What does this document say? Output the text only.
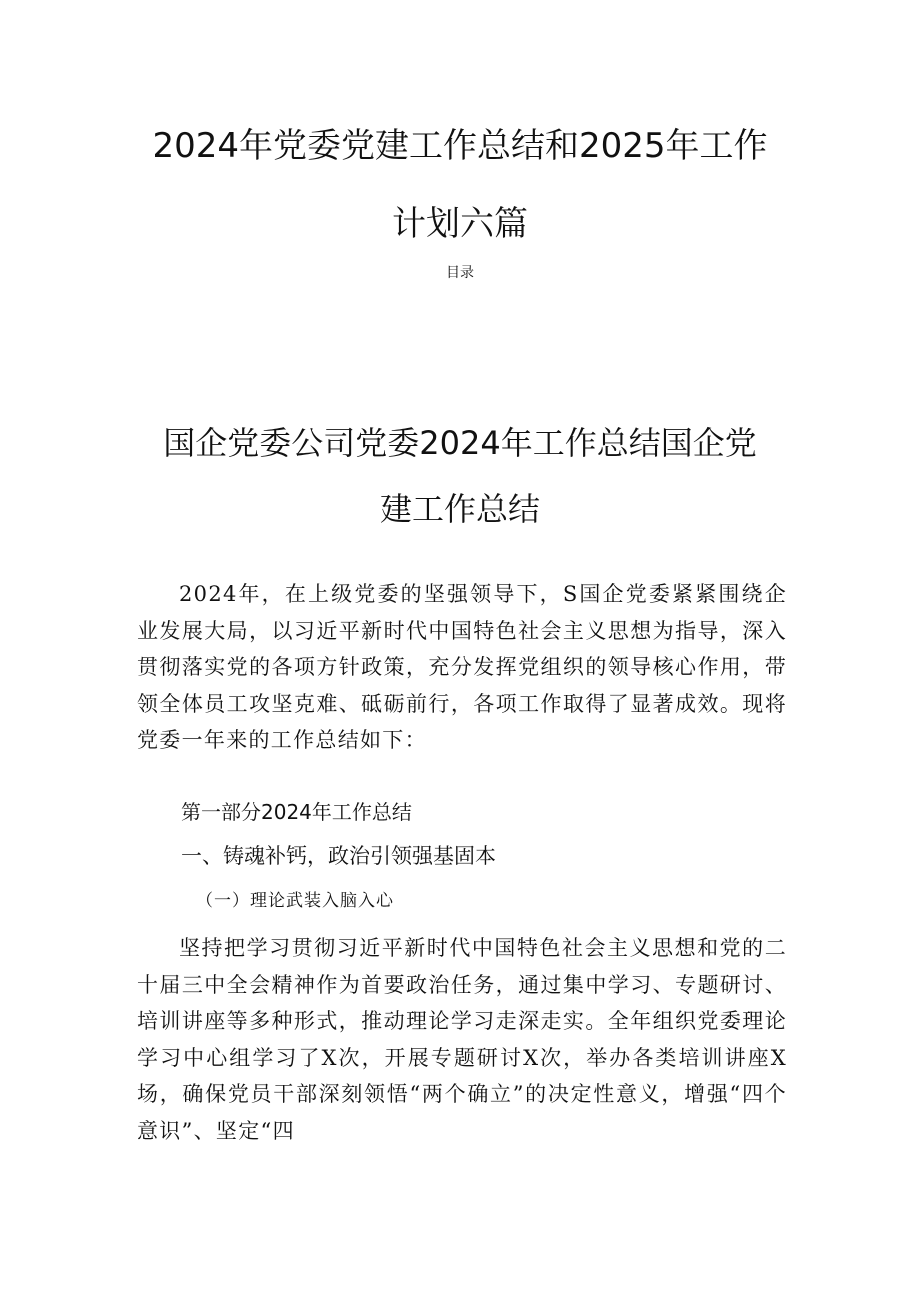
2024年党委党建工作总结和2025年工作
计划六篇
目录
国企党委公司党委2024年工作总结国企党
建工作总结

2024年，在上级党委的坚强领导下，S国企党委紧紧围绕企业发展大局，以习近平新时代中国特色社会主义思想为指导，深入贯彻落实党的各项方针政策，充分发挥党组织的领导核心作用，带领全体员工攻坚克难、砥砺前行，各项工作取得了显著成效。现将党委一年来的工作总结如下：

第一部分2024年工作总结

一、铸魂补钙，政治引领强基固本

（一）理论武装入脑入心

坚持把学习贯彻习近平新时代中国特色社会主义思想和党的二十届三中全会精神作为首要政治任务，通过集中学习、专题研讨、培训讲座等多种形式，推动理论学习走深走实。全年组织党委理论学习中心组学习了X次，开展专题研讨X次，举办各类培训讲座X场，确保党员干部深刻领悟“两个确立”的决定性意义，增强“四个意识”、坚定“四
